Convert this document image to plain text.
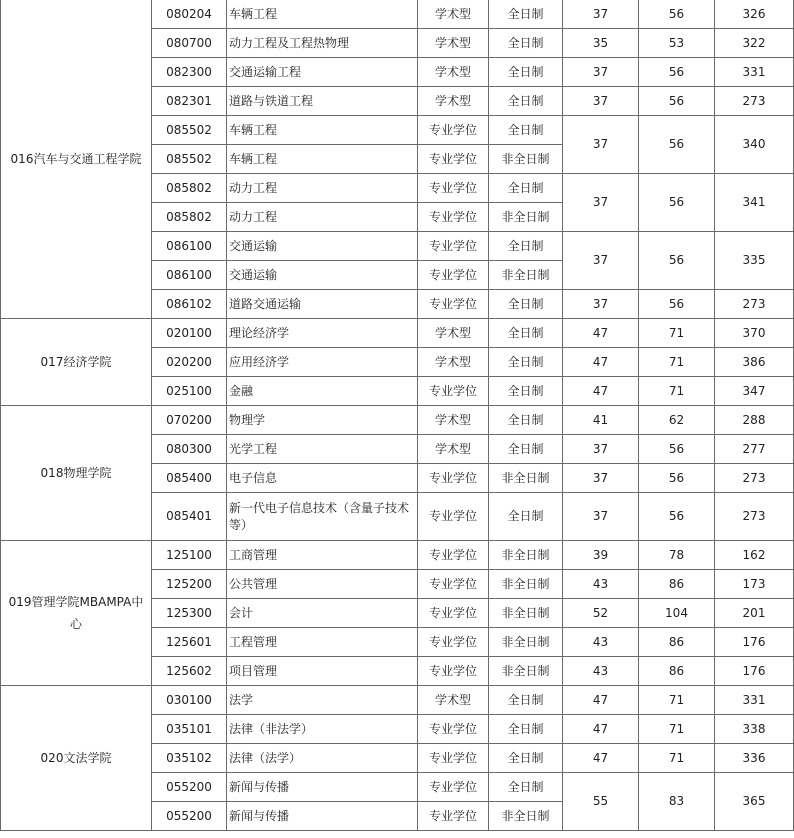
016汽车与交通工程学院	080204	车辆工程	学术型	全日制	37	56	326
	080700	动力工程及工程热物理	学术型	全日制	35	53	322
	082300	交通运输工程	学术型	全日制	37	56	331
	082301	道路与铁道工程	学术型	全日制	37	56	273
	085502	车辆工程	专业学位	全日制	37	56	340
	085502	车辆工程	专业学位	非全日制			
	085802	动力工程	专业学位	全日制	37	56	341
	085802	动力工程	专业学位	非全日制			
	086100	交通运输	专业学位	全日制	37	56	335
	086100	交通运输	专业学位	非全日制			
	086102	道路交通运输	专业学位	全日制	37	56	273
017经济学院	020100	理论经济学	学术型	全日制	47	71	370
	020200	应用经济学	学术型	全日制	47	71	386
	025100	金融	专业学位	全日制	47	71	347
018物理学院	070200	物理学	学术型	全日制	41	62	288
	080300	光学工程	学术型	全日制	37	56	277
	085400	电子信息	专业学位	非全日制	37	56	273
	085401	新一代电子信息技术（含量子技术等）	专业学位	全日制	37	56	273
019管理学院MBAMPA中心	125100	工商管理	专业学位	非全日制	39	78	162
	125200	公共管理	专业学位	非全日制	43	86	173
	125300	会计	专业学位	非全日制	52	104	201
	125601	工程管理	专业学位	非全日制	43	86	176
	125602	项目管理	专业学位	非全日制	43	86	176
020文法学院	030100	法学	学术型	全日制	47	71	331
	035101	法律（非法学）	专业学位	全日制	47	71	338
	035102	法律（法学）	专业学位	全日制	47	71	336
	055200	新闻与传播	专业学位	全日制	55	83	365
	055200	新闻与传播	专业学位	非全日制			
